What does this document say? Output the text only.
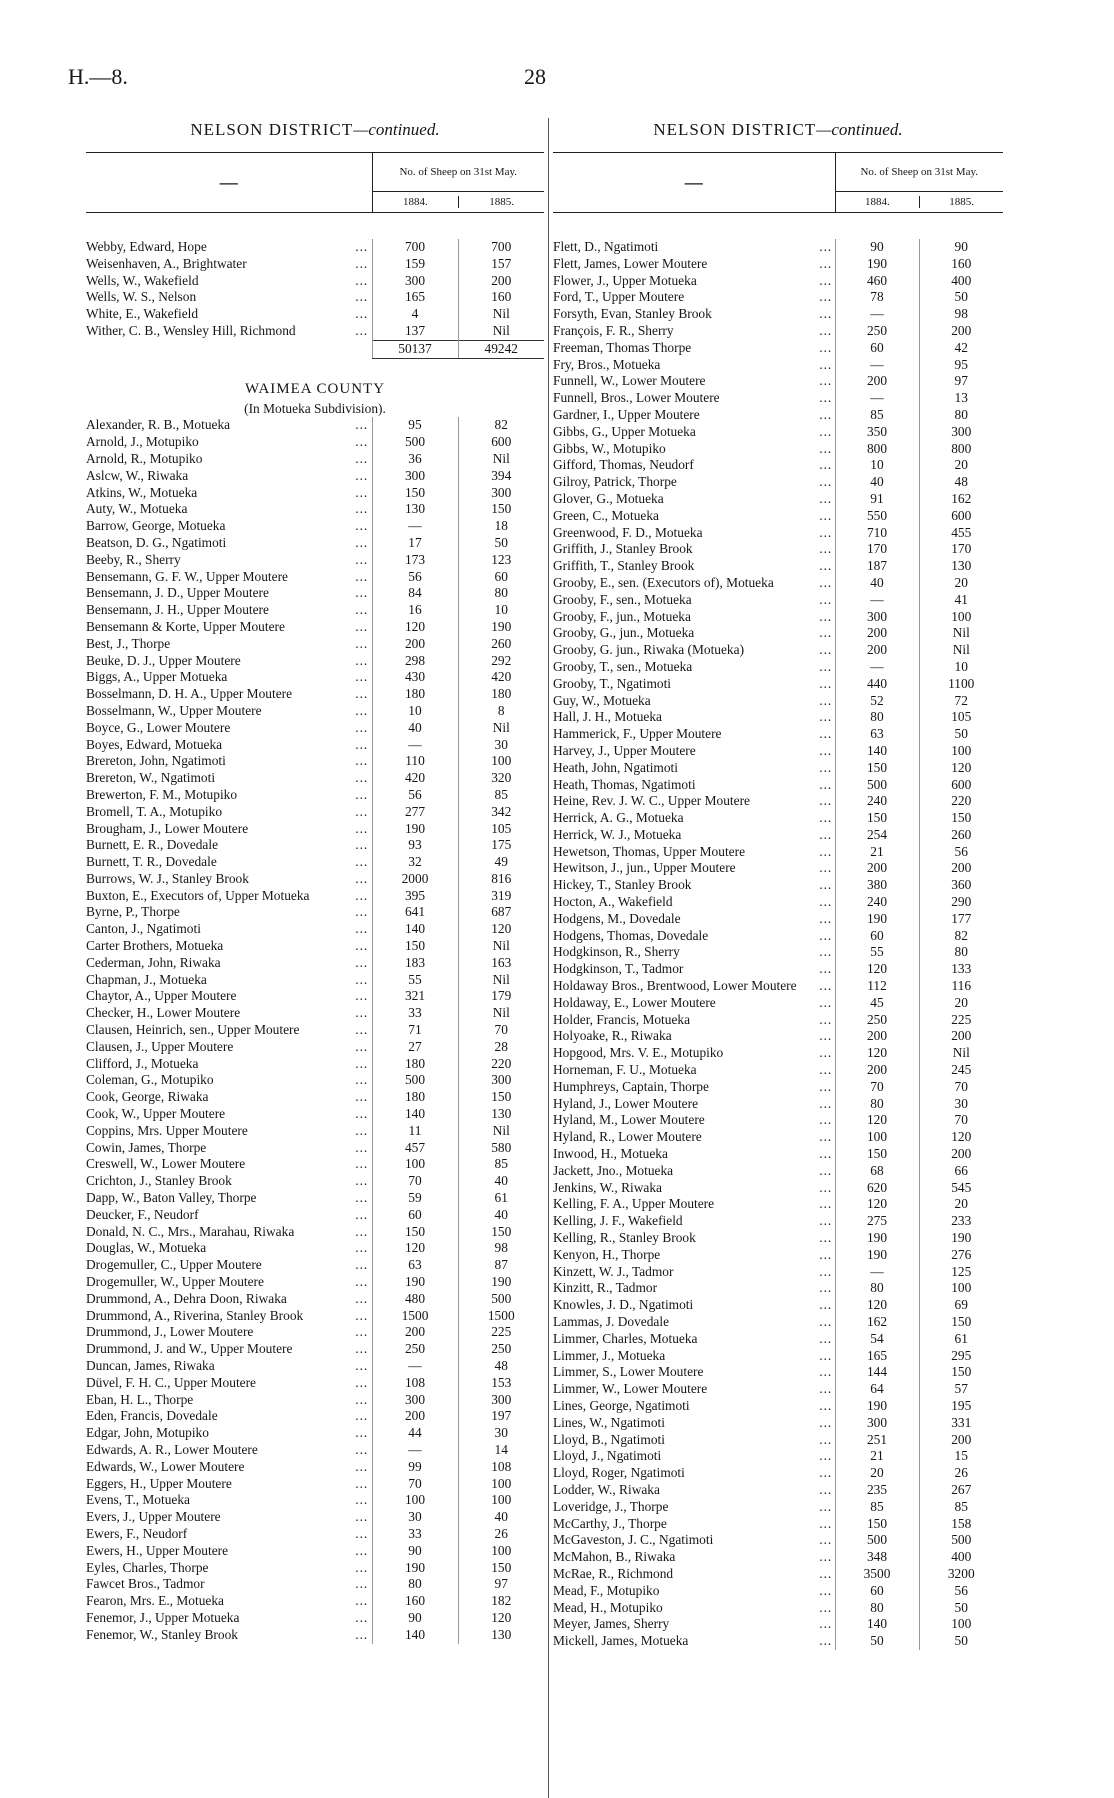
H.—8.	28
NELSON DISTRICT—continued.
—	No. of Sheep on 31st May.
1884.	1885.
Webby, Edward, Hope	...	700	700
Weisenhaven, A., Brightwater	...	159	157
Wells, W., Wakefield	...	300	200
Wells, W. S., Nelson	...	165	160
White, E., Wakefield	...	4	Nil
Wither, C. B., Wensley Hill, Richmond	...	137	Nil
		50137	49242

WAIMEA COUNTY			
(In Motueka Subdivision).			
Alexander, R. B., Motueka	...	95	82
Arnold, J., Motupiko	...	500	600
Arnold, R., Motupiko	...	36	Nil
Aslcw, W., Riwaka	...	300	394
Atkins, W., Motueka	...	150	300
Auty, W., Motueka	...	130	150
Barrow, George, Motueka	...	—	18
Beatson, D. G., Ngatimoti	...	17	50
Beeby, R., Sherry	...	173	123
Bensemann, G. F. W., Upper Moutere	...	56	60
Bensemann, J. D., Upper Moutere	...	84	80
Bensemann, J. H., Upper Moutere	...	16	10
Bensemann & Korte, Upper Moutere	...	120	190
Best, J., Thorpe	...	200	260
Beuke, D. J., Upper Moutere	...	298	292
Biggs, A., Upper Motueka	...	430	420
Bosselmann, D. H. A., Upper Moutere	...	180	180
Bosselmann, W., Upper Moutere	...	10	8
Boyce, G., Lower Moutere	...	40	Nil
Boyes, Edward, Motueka	...	—	30
Brereton, John, Ngatimoti	...	110	100
Brereton, W., Ngatimoti	...	420	320
Brewerton, F. M., Motupiko	...	56	85
Bromell, T. A., Motupiko	...	277	342
Brougham, J., Lower Moutere	...	190	105
Burnett, E. R., Dovedale	...	93	175
Burnett, T. R., Dovedale	...	32	49
Burrows, W. J., Stanley Brook	...	2000	816
Buxton, E., Executors of, Upper Motueka	...	395	319
Byrne, P., Thorpe	...	641	687
Canton, J., Ngatimoti	...	140	120
Carter Brothers, Motueka	...	150	Nil
Cederman, John, Riwaka	...	183	163
Chapman, J., Motueka	...	55	Nil
Chaytor, A., Upper Moutere	...	321	179
Checker, H., Lower Moutere	...	33	Nil
Clausen, Heinrich, sen., Upper Moutere	...	71	70
Clausen, J., Upper Moutere	...	27	28
Clifford, J., Motueka	...	180	220
Coleman, G., Motupiko	...	500	300
Cook, George, Riwaka	...	180	150
Cook, W., Upper Moutere	...	140	130
Coppins, Mrs. Upper Moutere	...	11	Nil
Cowin, James, Thorpe	...	457	580
Creswell, W., Lower Moutere	...	100	85
Crichton, J., Stanley Brook	...	70	40
Dapp, W., Baton Valley, Thorpe	...	59	61
Deucker, F., Neudorf	...	60	40
Donald, N. C., Mrs., Marahau, Riwaka	...	150	150
Douglas, W., Motueka	...	120	98
Drogemuller, C., Upper Moutere	...	63	87
Drogemuller, W., Upper Moutere	...	190	190
Drummond, A., Dehra Doon, Riwaka	...	480	500
Drummond, A., Riverina, Stanley Brook	...	1500	1500
Drummond, J., Lower Moutere	...	200	225
Drummond, J. and W., Upper Moutere	...	250	250
Duncan, James, Riwaka	...	—	48
Düvel, F. H. C., Upper Moutere	...	108	153
Eban, H. L., Thorpe	...	300	300
Eden, Francis, Dovedale	...	200	197
Edgar, John, Motupiko	...	44	30
Edwards, A. R., Lower Moutere	...	—	14
Edwards, W., Lower Moutere	...	99	108
Eggers, H., Upper Moutere	...	70	100
Evens, T., Motueka	...	100	100
Evers, J., Upper Moutere	...	30	40
Ewers, F., Neudorf	...	33	26
Ewers, H., Upper Moutere	...	90	100
Eyles, Charles, Thorpe	...	190	150
Fawcet Bros., Tadmor	...	80	97
Fearon, Mrs. E., Motueka	...	160	182
Fenemor, J., Upper Motueka	...	90	120
Fenemor, W., Stanley Brook	...	140	130
NELSON DISTRICT—continued.
—	No. of Sheep on 31st May.
1884.	1885.
Flett, D., Ngatimoti	...	90	90
Flett, James, Lower Moutere	...	190	160
Flower, J., Upper Motueka	...	460	400
Ford, T., Upper Moutere	...	78	50
Forsyth, Evan, Stanley Brook	...	—	98
François, F. R., Sherry	...	250	200
Freeman, Thomas Thorpe	...	60	42
Fry, Bros., Motueka	...	—	95
Funnell, W., Lower Moutere	...	200	97
Funnell, Bros., Lower Moutere	...	—	13
Gardner, I., Upper Moutere	...	85	80
Gibbs, G., Upper Motueka	...	350	300
Gibbs, W., Motupiko	...	800	800
Gifford, Thomas, Neudorf	...	10	20
Gilroy, Patrick, Thorpe	...	40	48
Glover, G., Motueka	...	91	162
Green, C., Motueka	...	550	600
Greenwood, F. D., Motueka	...	710	455
Griffith, J., Stanley Brook	...	170	170
Griffith, T., Stanley Brook	...	187	130
Grooby, E., sen. (Executors of), Motueka	...	40	20
Grooby, F., sen., Motueka	...	—	41
Grooby, F., jun., Motueka	...	300	100
Grooby, G., jun., Motueka	...	200	Nil
Grooby, G. jun., Riwaka (Motueka)	...	200	Nil
Grooby, T., sen., Motueka	...	—	10
Grooby, T., Ngatimoti	...	440	1100
Guy, W., Motueka	...	52	72
Hall, J. H., Motueka	...	80	105
Hammerick, F., Upper Moutere	...	63	50
Harvey, J., Upper Moutere	...	140	100
Heath, John, Ngatimoti	...	150	120
Heath, Thomas, Ngatimoti	...	500	600
Heine, Rev. J. W. C., Upper Moutere	...	240	220
Herrick, A. G., Motueka	...	150	150
Herrick, W. J., Motueka	...	254	260
Hewetson, Thomas, Upper Moutere	...	21	56
Hewitson, J., jun., Upper Moutere	...	200	200
Hickey, T., Stanley Brook	...	380	360
Hocton, A., Wakefield	...	240	290
Hodgens, M., Dovedale	...	190	177
Hodgens, Thomas, Dovedale	...	60	82
Hodgkinson, R., Sherry	...	55	80
Hodgkinson, T., Tadmor	...	120	133
Holdaway Bros., Brentwood, Lower Moutere	...	112	116
Holdaway, E., Lower Moutere	...	45	20
Holder, Francis, Motueka	...	250	225
Holyoake, R., Riwaka	...	200	200
Hopgood, Mrs. V. E., Motupiko	...	120	Nil
Horneman, F. U., Motueka	...	200	245
Humphreys, Captain, Thorpe	...	70	70
Hyland, J., Lower Moutere	...	80	30
Hyland, M., Lower Moutere	...	120	70
Hyland, R., Lower Moutere	...	100	120
Inwood, H., Motueka	...	150	200
Jackett, Jno., Motueka	...	68	66
Jenkins, W., Riwaka	...	620	545
Kelling, F. A., Upper Moutere	...	120	20
Kelling, J. F., Wakefield	...	275	233
Kelling, R., Stanley Brook	...	190	190
Kenyon, H., Thorpe	...	190	276
Kinzett, W. J., Tadmor	...	—	125
Kinzitt, R., Tadmor	...	80	100
Knowles, J. D., Ngatimoti	...	120	69
Lammas, J. Dovedale	...	162	150
Limmer, Charles, Motueka	...	54	61
Limmer, J., Motueka	...	165	295
Limmer, S., Lower Moutere	...	144	150
Limmer, W., Lower Moutere	...	64	57
Lines, George, Ngatimoti	...	190	195
Lines, W., Ngatimoti	...	300	331
Lloyd, B., Ngatimoti	...	251	200
Lloyd, J., Ngatimoti	...	21	15
Lloyd, Roger, Ngatimoti	...	20	26
Lodder, W., Riwaka	...	235	267
Loveridge, J., Thorpe	...	85	85
McCarthy, J., Thorpe	...	150	158
McGaveston, J. C., Ngatimoti	...	500	500
McMahon, B., Riwaka	...	348	400
McRae, R., Richmond	...	3500	3200
Mead, F., Motupiko	...	60	56
Mead, H., Motupiko	...	80	50
Meyer, James, Sherry	...	140	100
Mickell, James, Motueka	...	50	50
